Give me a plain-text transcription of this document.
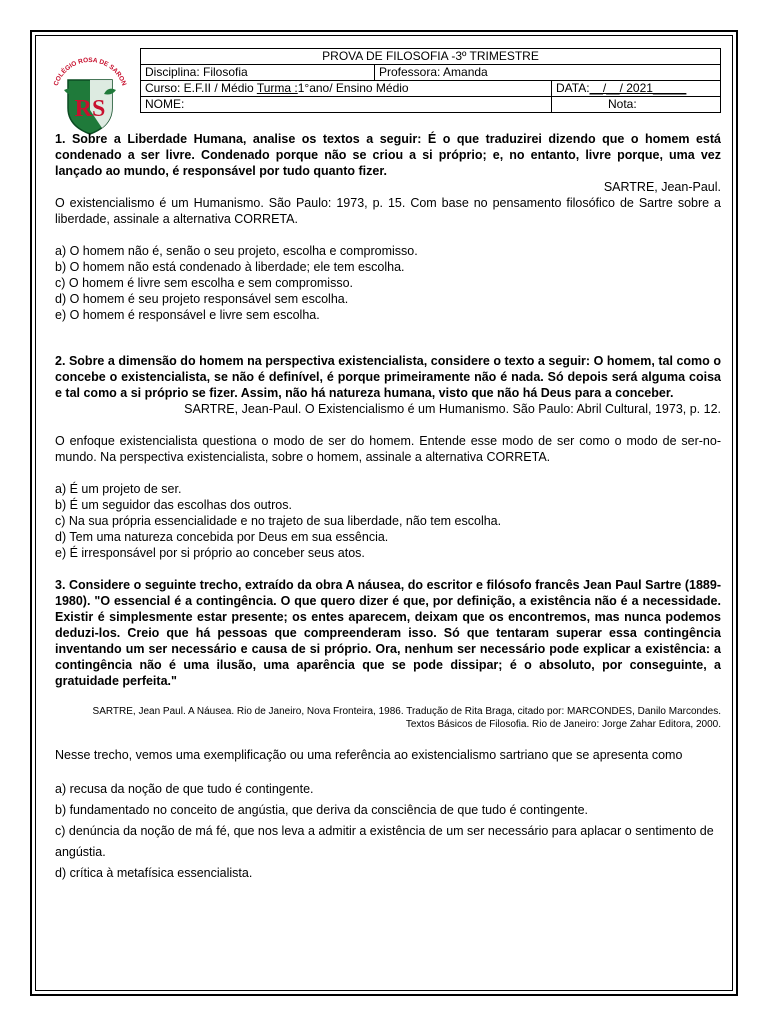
COLÉGIO ROSA DE SARON
RS
PROVA DE FILOSOFIA -3º TRIMESTRE		
Disciplina: Filosofia	Professora: Amanda	
Curso: E.F.II / Médio Turma :1°ano/ Ensino Médio		DATA:__/__/ 2021_____
NOME:		Nota:

1. Sobre a Liberdade Humana, analise os textos a seguir: É o que traduzirei dizendo que o homem está condenado a ser livre. Condenado porque não se criou a si próprio; e, no entanto, livre porque, uma vez lançado ao mundo, é responsável por tudo quanto fizer.

SARTRE, Jean-Paul.

O existencialismo é um Humanismo. São Paulo: 1973, p. 15. Com base no pensamento filosófico de Sartre sobre a liberdade, assinale a alternativa CORRETA.

a) O homem não é, senão o seu projeto, escolha e compromisso.

b) O homem não está condenado à liberdade; ele tem escolha.

c) O homem é livre sem escolha e sem compromisso.

d) O homem é seu projeto responsável sem escolha.

e) O homem é responsável e livre sem escolha.

2. Sobre a dimensão do homem na perspectiva existencialista, considere o texto a seguir: O homem, tal como o concebe o existencialista, se não é definível, é porque primeiramente não é nada. Só depois será alguma coisa e tal como a si próprio se fizer. Assim, não há natureza humana, visto que não há Deus para a conceber.

SARTRE, Jean-Paul. O Existencialismo é um Humanismo. São Paulo: Abril Cultural, 1973, p. 12.

O enfoque existencialista questiona o modo de ser do homem. Entende esse modo de ser como o modo de ser-no-mundo. Na perspectiva existencialista, sobre o homem, assinale a alternativa CORRETA.

a) É um projeto de ser.

b) É um seguidor das escolhas dos outros.

c) Na sua própria essencialidade e no trajeto de sua liberdade, não tem escolha.

d) Tem uma natureza concebida por Deus em sua essência.

e) É irresponsável por si próprio ao conceber seus atos.

3. Considere o seguinte trecho, extraído da obra A náusea, do escritor e filósofo francês Jean Paul Sartre (1889-1980). "O essencial é a contingência. O que quero dizer é que, por definição, a existência não é a necessidade. Existir é simplesmente estar presente; os entes aparecem, deixam que os encontremos, mas nunca podemos deduzi-los. Creio que há pessoas que compreenderam isso. Só que tentaram superar essa contingência inventando um ser necessário e causa de si próprio. Ora, nenhum ser necessário pode explicar a existência: a contingência não é uma ilusão, uma aparência que se pode dissipar; é o absoluto, por conseguinte, a gratuidade perfeita."

SARTRE, Jean Paul. A Náusea. Rio de Janeiro, Nova Fronteira, 1986. Tradução de Rita Braga, citado por: MARCONDES, Danilo Marcondes.

Textos Básicos de Filosofia. Rio de Janeiro: Jorge Zahar Editora, 2000.

Nesse trecho, vemos uma exemplificação ou uma referência ao existencialismo sartriano que se apresenta como

a) recusa da noção de que tudo é contingente.

b) fundamentado no conceito de angústia, que deriva da consciência de que tudo é contingente.

c) denúncia da noção de má fé, que nos leva a admitir a existência de um ser necessário para aplacar o sentimento de angústia.

d) crítica à metafísica essencialista.
